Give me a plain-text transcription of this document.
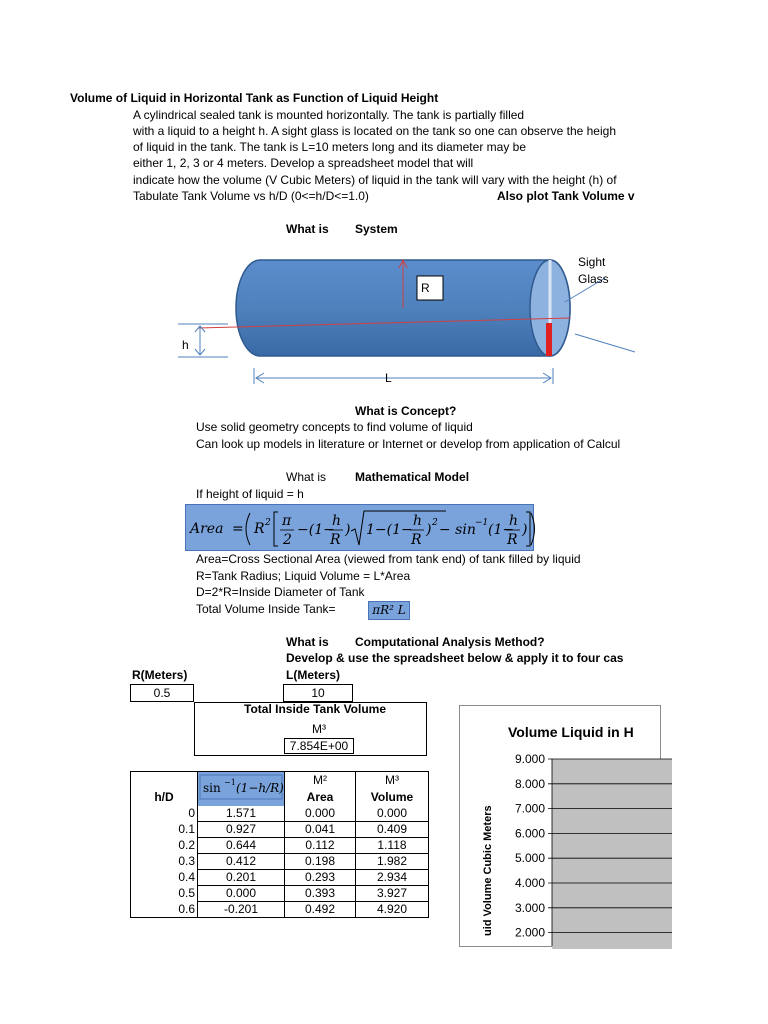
Volume of Liquid in Horizontal Tank as Function of Liquid Height
A cylindrical sealed tank is mounted horizontally. The tank is partially filled
with a liquid to a height h. A sight glass is located on the tank so one can observe the heigh
of liquid in the tank. The tank is L=10 meters long and its diameter may be
either 1, 2, 3 or 4 meters. Develop a spreadsheet model that will
indicate how the volume (V Cubic Meters) of liquid in the tank will vary with the height (h) of
Tabulate Tank Volume vs h/D (0<=h/D<=1.0)	Also plot Tank Volume v
What is System
R
h
L
Sight
Glass
What is Concept?
Use solid geometry concepts to find volume of liquid
Can look up models in literature or Internet or develop from application of Calcul
What is Mathematical Model
If height of liquid = h
Area = R 2 π
2
−(1−
h
R
) 1−(1−
h
R
) 2 − sin −1 (1−
h
R
)
Area=Cross Sectional Area (viewed from tank end) of tank filled by liquid
R=Tank Radius; Liquid Volume = L*Area
D=2*R=Inside Diameter of Tank
Total Volume Inside Tank=	πR² L
What is Computational Analysis Method?
Develop & use the spreadsheet below & apply it to four cas
R(Meters)
0.5
L(Meters)
10
Total Inside Tank Volume
M³
7.854E+00

sin −1 (1−h/R)	M²	M³
h/D		Area	Volume
0	1.571	0.000	0.000
0.1	0.927	0.041	0.409
0.2	0.644	0.112	1.118
0.3	0.412	0.198	1.982
0.4	0.201	0.293	2.934
0.5	0.000	0.393	3.927
0.6	-0.201	0.492	4.920
9.000
8.000
7.000
6.000
5.000
4.000
3.000
2.000
Volume Liquid in H
uid Volume Cubic Meters
